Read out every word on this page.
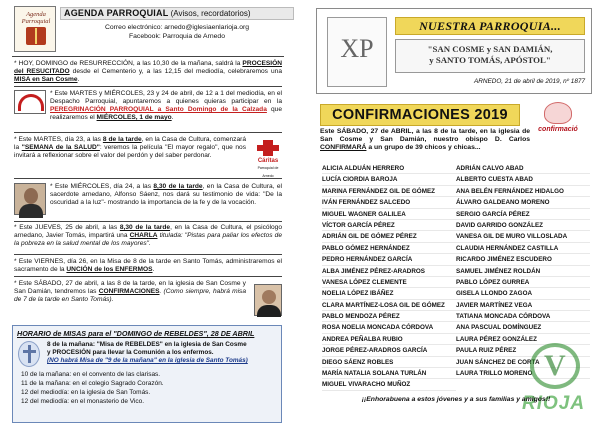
Agenda Parroquial
AGENDA PARROQUIAL (Avisos, recordatorios)
Correo electrónico: arnedo@iglesiaenlarioja.org
Facebook: Parroquia de Arnedo

* HOY, DOMINGO de RESURRECCIÓN, a las 10,30 de la mañana, saldrá la PROCESIÓN del RESUCITADO desde el Cementerio y, a las 12,15 del mediodía, celebraremos una MISA en San Cosme.

* Este MARTES y MIÉRCOLES, 23 y 24 de abril, de 12 a 1 del mediodía, en el Despacho Parroquial, apuntaremos a quienes quieras participar en la PEREGRINACIÓN PARROQUIAL a Santo Domingo de la Calzada que realizaremos el MIÉRCOLES, 1 de mayo.

* Este MARTES, día 23, a las 8 de la tarde, en la Casa de Cultura, comenzará la "SEMANA de la SALUD": veremos la película "El mayor regalo", que nos invitará a reflexionar sobre el valor del perdón y del saber perdonar.

Cáritas
Parroquial de Arnedo

* Este MIÉRCOLES, día 24, a las 8,30 de la tarde, en la Casa de Cultura, el sacerdote arnedano, Alfonso Sáenz, nos dará su testimonio de vida: "De la oscuridad a la luz"- mostrando la importancia de la fe y de la vocación.

* Este JUEVES, 25 de abril, a las 8,30 de la tarde, en la Casa de Cultura, el psicólogo arnedano, Javier Tomás, impartirá una CHARLA titulada: "Pistas para paliar los efectos de la pobreza en la salud mental de los mayores".

* Este VIERNES, día 26, en la Misa de 8 de la tarde en Santo Tomás, administraremos el sacramento de la UNCIÓN de los ENFERMOS.

* Este SÁBADO, 27 de abril, a las 8 de la tarde, en la iglesia de San Cosme y San Damián, tendremos las CONFIRMACIONES. (Como siempre, habrá misa de 7 de la tarde en Santo Tomás).

HORARIO de MISAS para el "DOMINGO de REBELDES", 28 DE ABRIL
8 de la mañana: "Misa de REBELDES" en la iglesia de San Cosme
y PROCESIÓN para llevar la Comunión a los enfermos.
(NO habrá Misa de "9 de la mañana" en la iglesia de Santo Tomás)
10 de la mañana: en el convento de las clarisas.
11 de la mañana: en el colegio Sagrado Corazón.
12 del mediodía: en la iglesia de San Tomás.
12 del mediodía: en el monasterio de Vico.
XP
NUESTRA PARROQUIA...
"SAN COSME y SAN DAMIÁN,
y SANTO TOMÁS, APÓSTOL"
ARNEDO, 21 de abril de 2019, nº 1877
CONFIRMACIONES 2019
confirmació
Este SÁBADO, 27 de ABRIL, a las 8 de la tarde, en la iglesia de San Cosme y San Damián, nuestro obispo D. Carlos CONFIRMARÁ a un grupo de 39 chicos y chicas...
ALICIA ALDUÁN HERRERO
LUCÍA CIORDIA BAROJA
MARINA FERNÁNDEZ GIL DE GÓMEZ
IVÁN FERNÁNDEZ SALCEDO
MIGUEL WAGNER GALILEA
VÍCTOR GARCÍA PÉREZ
ADRIÁN GIL DE GÓMEZ PÉREZ
PABLO GÓMEZ HERNÁNDEZ
PEDRO HERNÁNDEZ GARCÍA
ALBA JIMÉNEZ PÉREZ-ARADROS
VANESA LÓPEZ CLEMENTE
NOELIA LÓPEZ IBÁÑEZ
CLARA MARTÍNEZ-LOSA GIL DE GÓMEZ
PABLO MENDOZA PÉREZ
ROSA NOELIA MONCADA CÓRDOVA
ANDREA PEÑALBA RUBIO
JORGE PÉREZ-ARADROS GARCÍA
DIEGO SÁENZ ROBLES
MARÍA NATALIA SOLANA TURLÁN
MIGUEL VIVARACHO MUÑOZ
ADRIÁN CALVO ABAD
ALBERTO CUESTA ABAD
ANA BELÉN FERNÁNDEZ HIDALGO
ÁLVARO GALDEANO MORENO
SERGIO GARCÍA PÉREZ
DAVID GARRIDO GONZÁLEZ
VANESA GIL DE MURO VILLOSLADA
CLAUDIA HERNÁNDEZ CASTILLA
RICARDO JIMÉNEZ ESCUDERO
SAMUEL JIMÉNEZ ROLDÁN
PABLO LÓPEZ GURREA
GISELA LLONDO ZAGOA
JAVIER MARTÍNEZ VEGA
TATIANA MONCADA CÓRDOVA
ANA PASCUAL DOMÍNGUEZ
LAURA PÉREZ GONZÁLEZ
PAULA RUIZ PÉREZ
JUAN SÁNCHEZ DE CORTA
LAURA TRILLO MORENO V
RIOJA
¡¡Enhorabuena a estos jóvenes y a sus familias y amigos!!
